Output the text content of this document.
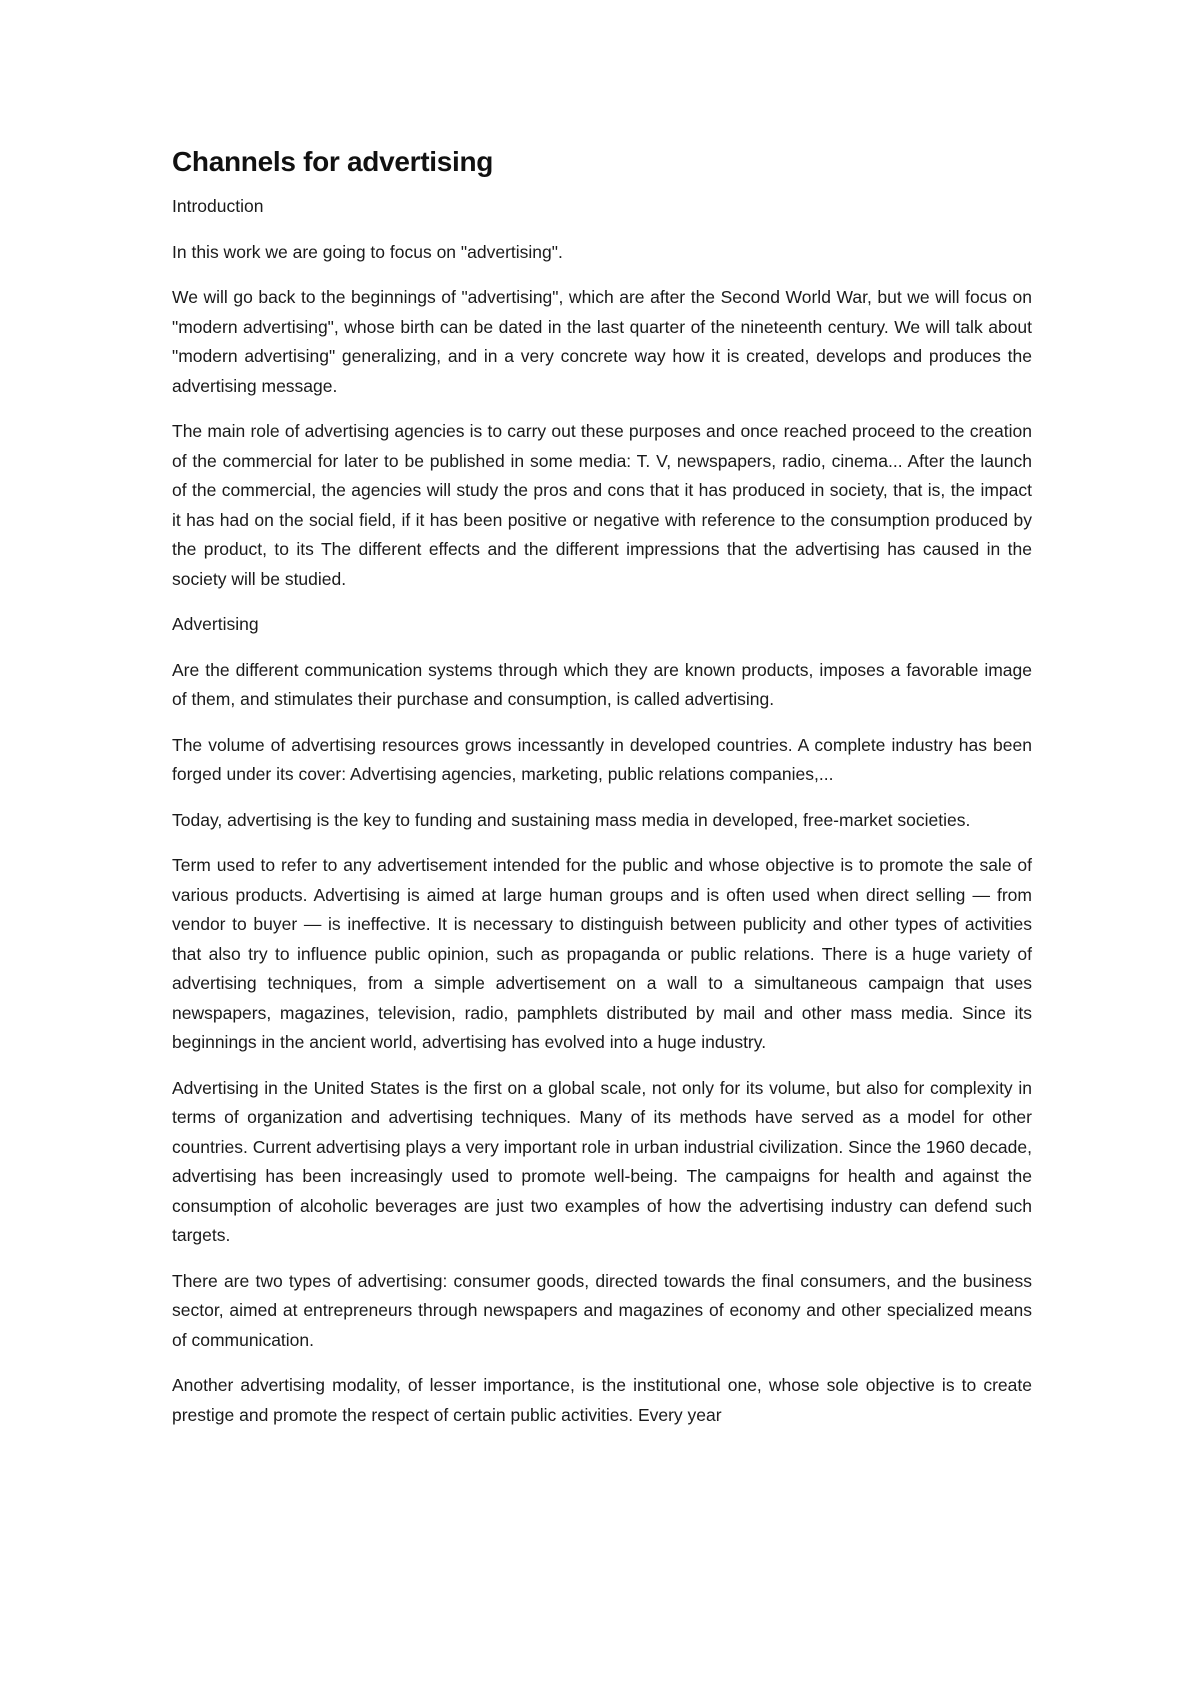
Channels for advertising

Introduction

In this work we are going to focus on "advertising".

We will go back to the beginnings of "advertising", which are after the Second World War, but we will focus on "modern advertising", whose birth can be dated in the last quarter of the nineteenth century. We will talk about "modern advertising" generalizing, and in a very concrete way how it is created, develops and produces the advertising message.

The main role of advertising agencies is to carry out these purposes and once reached proceed to the creation of the commercial for later to be published in some media: T. V, newspapers, radio, cinema... After the launch of the commercial, the agencies will study the pros and cons that it has produced in society, that is, the impact it has had on the social field, if it has been positive or negative with reference to the consumption produced by the product, to its The different effects and the different impressions that the advertising has caused in the society will be studied.

Advertising

Are the different communication systems through which they are known products, imposes a favorable image of them, and stimulates their purchase and consumption, is called advertising.

The volume of advertising resources grows incessantly in developed countries. A complete industry has been forged under its cover: Advertising agencies, marketing, public relations companies,...

Today, advertising is the key to funding and sustaining mass media in developed, free-market societies.

Term used to refer to any advertisement intended for the public and whose objective is to promote the sale of various products. Advertising is aimed at large human groups and is often used when direct selling — from vendor to buyer — is ineffective. It is necessary to distinguish between publicity and other types of activities that also try to influence public opinion, such as propaganda or public relations. There is a huge variety of advertising techniques, from a simple advertisement on a wall to a simultaneous campaign that uses newspapers, magazines, television, radio, pamphlets distributed by mail and other mass media. Since its beginnings in the ancient world, advertising has evolved into a huge industry.

Advertising in the United States is the first on a global scale, not only for its volume, but also for complexity in terms of organization and advertising techniques. Many of its methods have served as a model for other countries. Current advertising plays a very important role in urban industrial civilization. Since the 1960 decade, advertising has been increasingly used to promote well-being. The campaigns for health and against the consumption of alcoholic beverages are just two examples of how the advertising industry can defend such targets.

There are two types of advertising: consumer goods, directed towards the final consumers, and the business sector, aimed at entrepreneurs through newspapers and magazines of economy and other specialized means of communication.

Another advertising modality, of lesser importance, is the institutional one, whose sole objective is to create prestige and promote the respect of certain public activities. Every year
